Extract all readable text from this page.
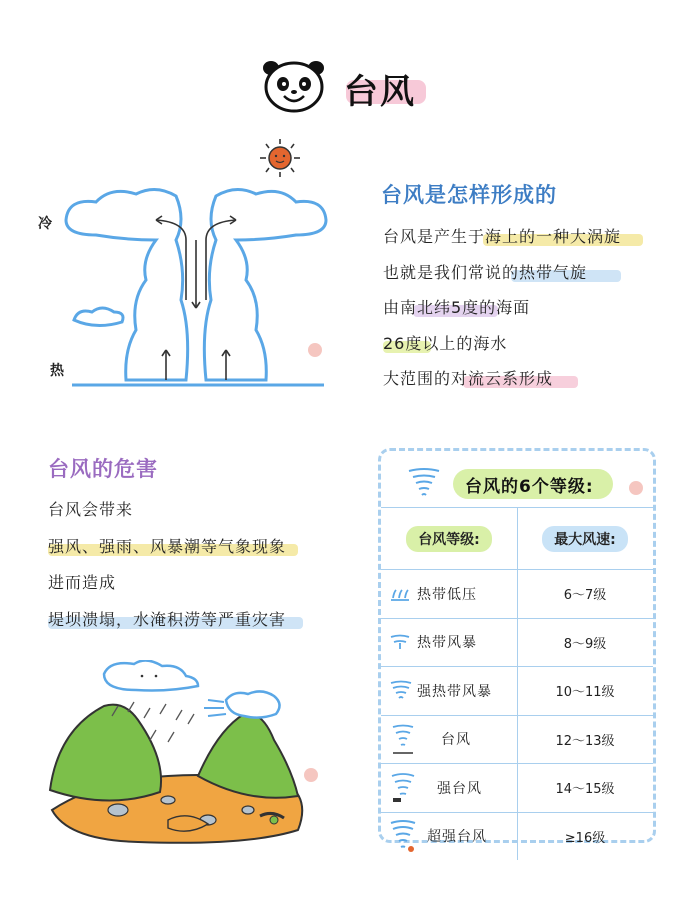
台风
冷
热
台风是怎样形成的
台风是产生于海上的一种大涡旋
也就是我们常说的热带气旋
由南北纬5度的海面
26度以上的海水
大范围的对流云系形成
台风的危害
台风会带来
强风、强雨、风暴潮等气象现象
进而造成
堤坝溃塌，水淹积涝等严重灾害
台风的6个等级:
台风等级:	最大风速:
热带低压	6～7级
热带风暴	8～9级
强热带风暴	10～11级
台风	12～13级
强台风	14～15级
超强台风	≥16级
